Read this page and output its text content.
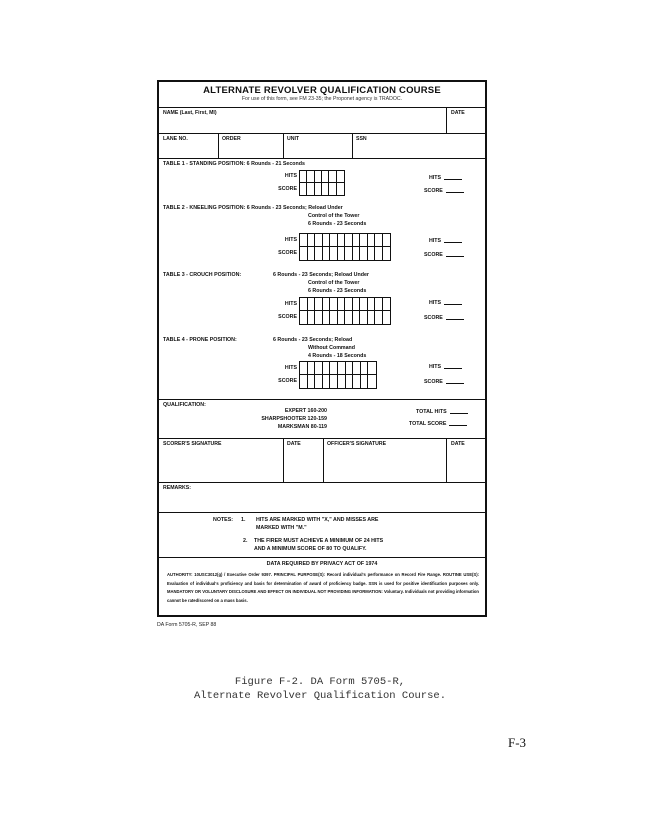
ALTERNATE REVOLVER QUALIFICATION COURSE
For use of this form, see FM 23-35; the Proponet agency is TRADOC.
NAME (Last, First, MI)	DATE
LANE NO.	ORDER	UNIT	SSN
TABLE 1 - STANDING POSITION: 6 Rounds - 21 Seconds
HITS
SCORE
HITS
SCORE
TABLE 2 - KNEELING POSITION: 6 Rounds - 23 Seconds; Reload Under
Control of the Tower
6 Rounds - 23 Seconds
HITS
SCORE
HITS
SCORE
TABLE 3 - CROUCH POSITION:	6 Rounds - 23 Seconds; Reload Under
Control of the Tower
6 Rounds - 23 Seconds
HITS
SCORE
HITS
SCORE
TABLE 4 - PRONE POSITION:	6 Rounds - 23 Seconds; Reload
Without Command
4 Rounds - 18 Seconds
HITS
SCORE
HITS
SCORE
QUALIFICATION:
EXPERT 160-200
SHARPSHOOTER 120-159
MARKSMAN 80-119
TOTAL HITS
TOTAL SCORE
SCORER'S SIGNATURE	DATE	OFFICER'S SIGNATURE	DATE
REMARKS:
NOTES: 1. HITS ARE MARKED WITH "X," AND MISSES ARE
MARKED WITH "M."
2. THE FIRER MUST ACHIEVE A MINIMUM OF 24 HITS
AND A MINIMUM SCORE OF 80 TO QUALIFY.
DATA REQUIRED BY PRIVACY ACT OF 1974
AUTHORITY: 10USC3012(g) / Executive Order 9397. PRINCIPAL PURPOSE(S): Record individual's performance on Record Fire Range. ROUTINE USE(S): Evaluation of individual's proficiency and basis for determination of award of proficiency badge. SSN is used for positive identification purposes only. MANDATORY OR VOLUNTARY DISCLOSURE AND EFFECT ON INDIVIDUAL NOT PROVIDING INFORMATION: Voluntary. Individuals not providing information cannot be rated/scored on a mass basis.
DA Form 5705-R, SEP 88
Figure F-2. DA Form 5705-R,
Alternate Revolver Qualification Course.
F-3
